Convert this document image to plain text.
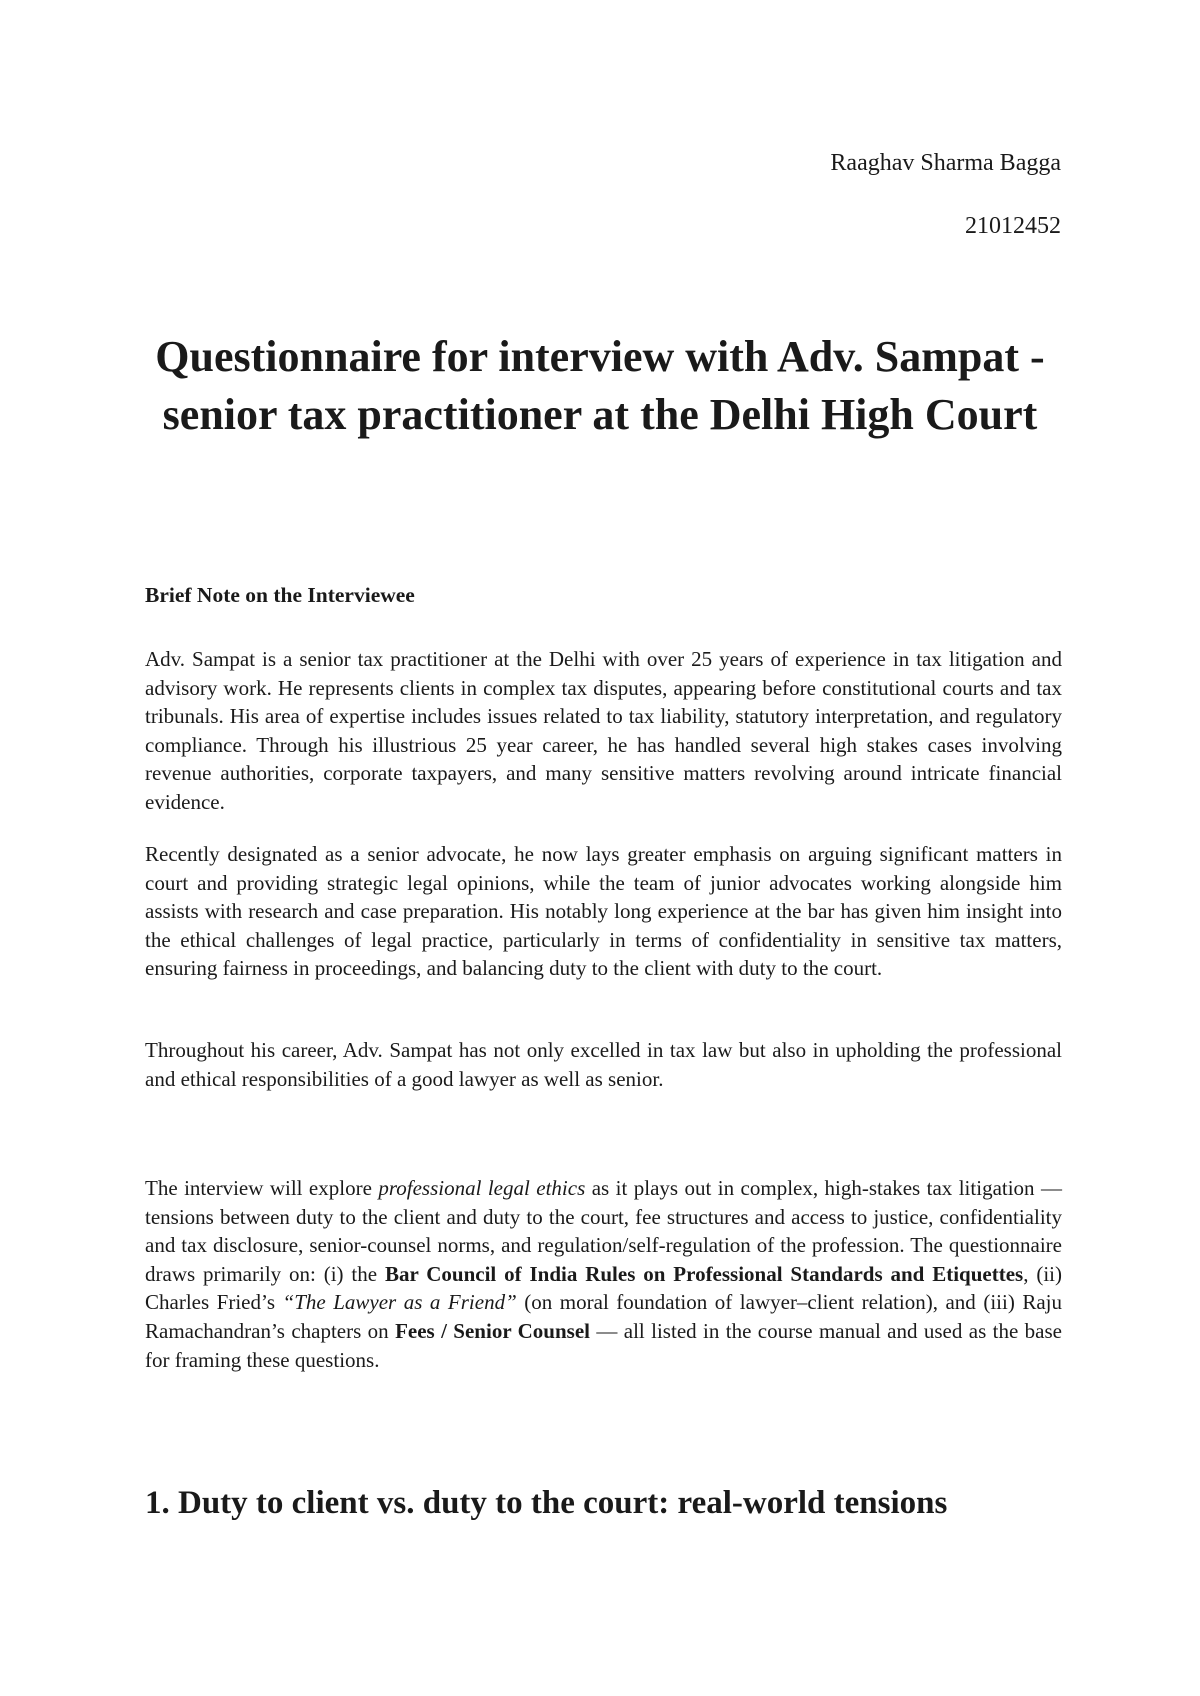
Raaghav Sharma Bagga
21012452
Questionnaire for interview with Adv. Sampat - senior tax practitioner at the Delhi High Court
Brief Note on the Interviewee

Adv. Sampat is a senior tax practitioner at the Delhi with over 25 years of experience in tax litigation and advisory work. He represents clients in complex tax disputes, appearing before constitutional courts and tax tribunals. His area of expertise includes issues related to tax liability, statutory interpretation, and regulatory compliance. Through his illustrious 25 year career, he has handled several high stakes cases involving revenue authorities, corporate taxpayers, and many sensitive matters revolving around intricate financial evidence.

Recently designated as a senior advocate, he now lays greater emphasis on arguing significant matters in court and providing strategic legal opinions, while the team of junior advocates working alongside him assists with research and case preparation. His notably long experience at the bar has given him insight into the ethical challenges of legal practice, particularly in terms of confidentiality in sensitive tax matters, ensuring fairness in proceedings, and balancing duty to the client with duty to the court.

Throughout his career, Adv. Sampat has not only excelled in tax law but also in upholding the professional and ethical responsibilities of a good lawyer as well as senior.

The interview will explore professional legal ethics as it plays out in complex, high-stakes tax litigation — tensions between duty to the client and duty to the court, fee structures and access to justice, confidentiality and tax disclosure, senior-counsel norms, and regulation/self-regulation of the profession. The questionnaire draws primarily on: (i) the Bar Council of India Rules on Professional Standards and Etiquettes, (ii) Charles Fried’s “The Lawyer as a Friend” (on moral foundation of lawyer–client relation), and (iii) Raju Ramachandran’s chapters on Fees / Senior Counsel — all listed in the course manual and used as the base for framing these questions.

1. Duty to client vs. duty to the court: real-world tensions
